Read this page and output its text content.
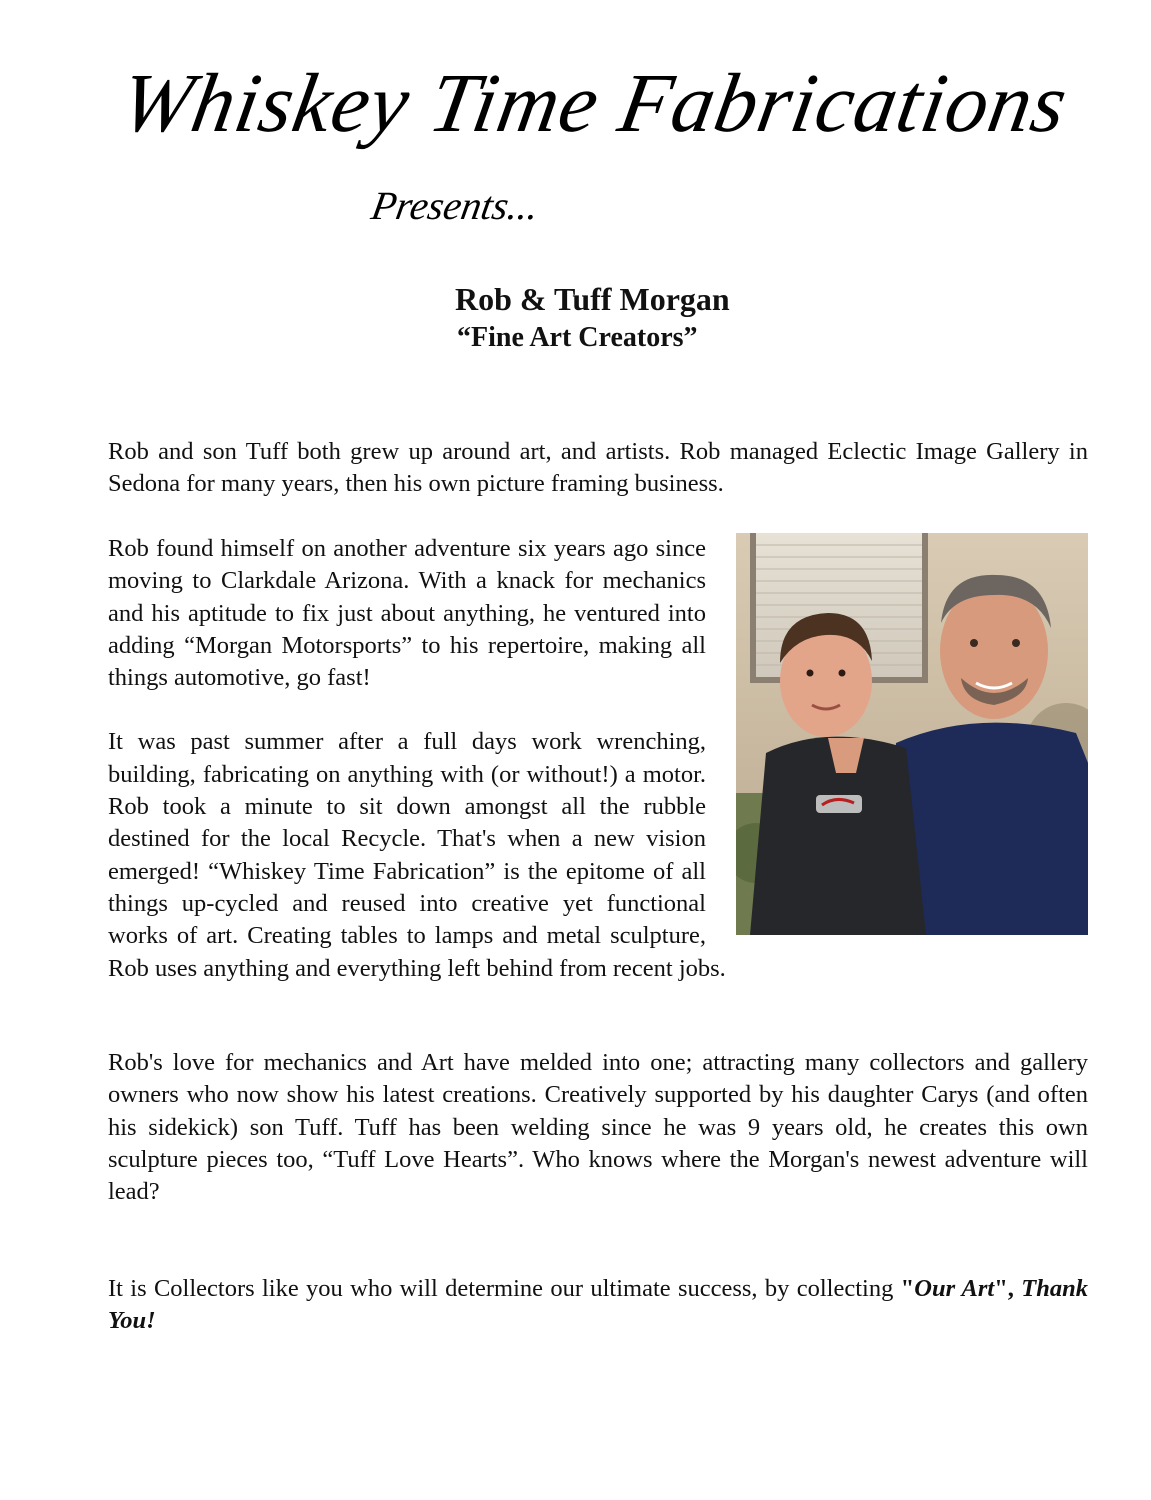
Whiskey Time Fabrications
Presents...
Rob & Tuff Morgan
“Fine Art Creators”

Rob and son Tuff both grew up around art, and artists. Rob managed Eclectic Image Gallery in Sedona for many years, then his own picture framing business.

Rob found himself on another adventure six years ago since moving to Clarkdale Arizona. With a knack for mechanics and his aptitude to fix just about anything, he ventured into adding “Morgan Motorsports” to his repertoire, making all things automotive, go fast!
It was past summer after a full days work wrenching, building, fabricating on anything with (or without!) a motor. Rob took a minute to sit down amongst all the rubble destined for the local Recycle. That's when a new vision emerged! “Whiskey Time Fabrication” is the epitome of all things up-cycled and reused into creative yet functional works of art. Creating tables to lamps and metal sculpture, Rob uses anything and everything left behind from recent jobs.

Rob's love for mechanics and Art have melded into one; attracting many collectors and gallery owners who now show his latest creations. Creatively supported by his daughter Carys (and often his sidekick) son Tuff. Tuff has been welding since he was 9 years old, he creates this own sculpture pieces too, “Tuff Love Hearts”. Who knows where the Morgan's newest adventure will lead?

It is Collectors like you who will determine our ultimate success, by collecting "Our Art", Thank You!
